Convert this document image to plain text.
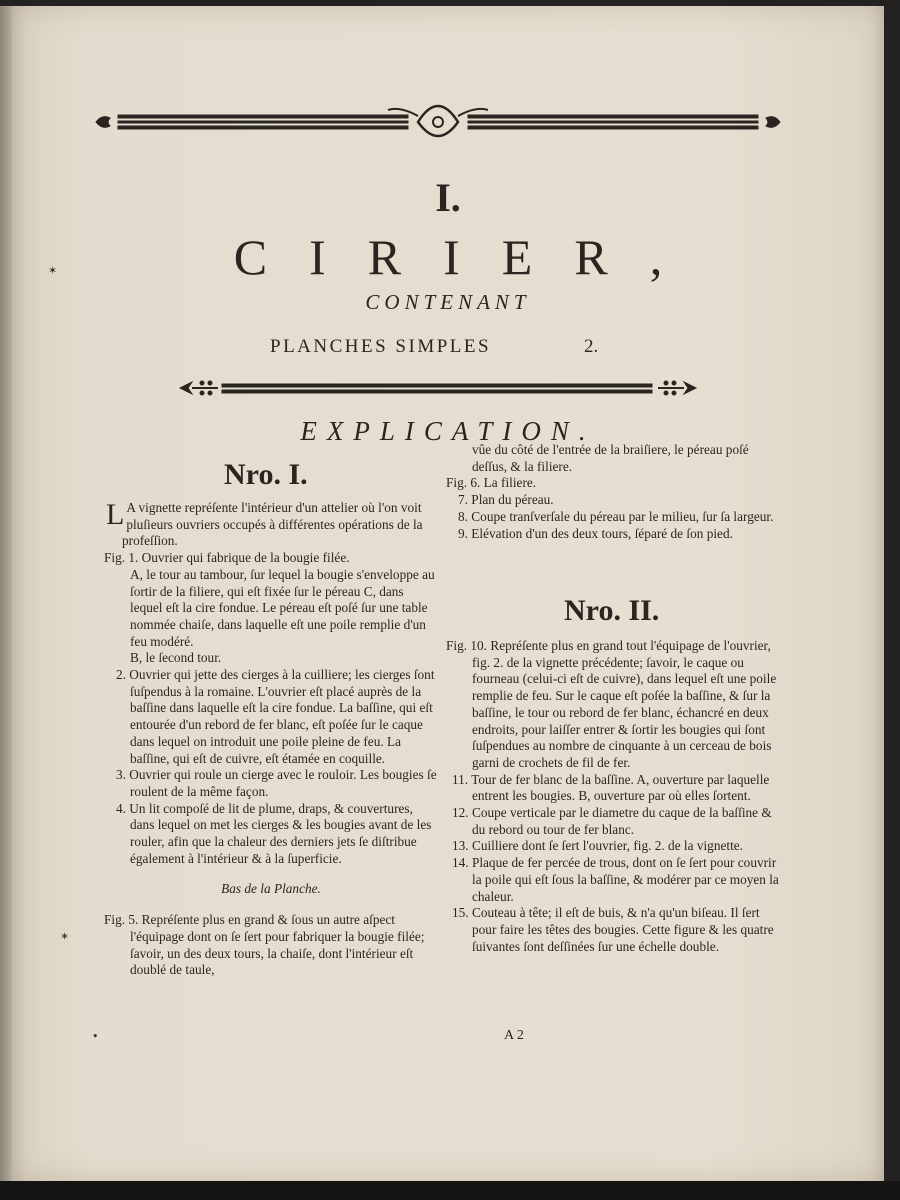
I.
CIRIER,
CONTENANT
PLANCHES SIMPLES	2.
EXPLICATION.
Nro. I.

L A vignette repréſente l'intérieur d'un attelier où l'on voit pluſieurs ouvriers occupés à différentes opérations de la profeſſion.

Fig. 1. Ouvrier qui fabrique de la bougie filée.

A, le tour au tambour, ſur lequel la bougie s'enveloppe au ſortir de la filiere, qui eſt fixée ſur le péreau C, dans lequel eſt la cire fondue. Le péreau eſt poſé ſur une table nommée chaiſe, dans laquelle eſt une poile remplie d'un feu modéré.

B, le ſecond tour.

2. Ouvrier qui jette des cierges à la cuilliere; les cierges ſont ſuſpendus à la romaine. L'ouvrier eſt placé auprès de la baſſine dans laquelle eſt la cire fondue. La baſſine, qui eſt entourée d'un rebord de fer blanc, eſt poſée ſur le caque dans lequel on introduit une poile pleine de feu. La baſſine, qui eſt de cuivre, eſt étamée en coquille.

3. Ouvrier qui roule un cierge avec le rouloir. Les bougies ſe roulent de la même façon.

4. Un lit compoſé de lit de plume, draps, & couvertures, dans lequel on met les cierges & les bougies avant de les rouler, afin que la chaleur des derniers jets ſe diſtribue également à l'intérieur & à la ſuperficie.

Bas de la Planche.

Fig. 5. Repréſente plus en grand & ſous un autre aſpect l'équipage dont on ſe ſert pour fabriquer la bougie filée; ſavoir, un des deux tours, la chaiſe, dont l'intérieur eſt doublé de taule,

vûe du côté de l'entrée de la braiſiere, le péreau poſé deſſus, & la filiere.

Fig. 6. La filiere.

7. Plan du péreau.

8. Coupe tranſverſale du péreau par le milieu, ſur ſa largeur.

9. Elévation d'un des deux tours, ſéparé de ſon pied.

Nro. II.

Fig. 10. Repréſente plus en grand tout l'équipage de l'ouvrier, fig. 2. de la vignette précédente; ſavoir, le caque ou fourneau (celui-ci eſt de cuivre), dans lequel eſt une poile remplie de feu. Sur le caque eſt poſée la baſſine, & ſur la baſſine, le tour ou rebord de fer blanc, échancré en deux endroits, pour laiſſer entrer & ſortir les bougies qui ſont ſuſpendues au nombre de cinquante à un cerceau de bois garni de crochets de fil de fer.

11. Tour de fer blanc de la baſſine. A, ouverture par laquelle entrent les bougies. B, ouverture par où elles ſortent.

12. Coupe verticale par le diametre du caque de la baſſine & du rebord ou tour de fer blanc.

13. Cuilliere dont ſe ſert l'ouvrier, fig. 2. de la vignette.

14. Plaque de fer percée de trous, dont on ſe ſert pour couvrir la poile qui eſt ſous la baſſine, & modérer par ce moyen la chaleur.

15. Couteau à tête; il eſt de buis, & n'a qu'un biſeau. Il ſert pour faire les têtes des bougies. Cette figure & les quatre ſuivantes ſont deſſinées ſur une échelle double.

A 2
✶
✶
•
